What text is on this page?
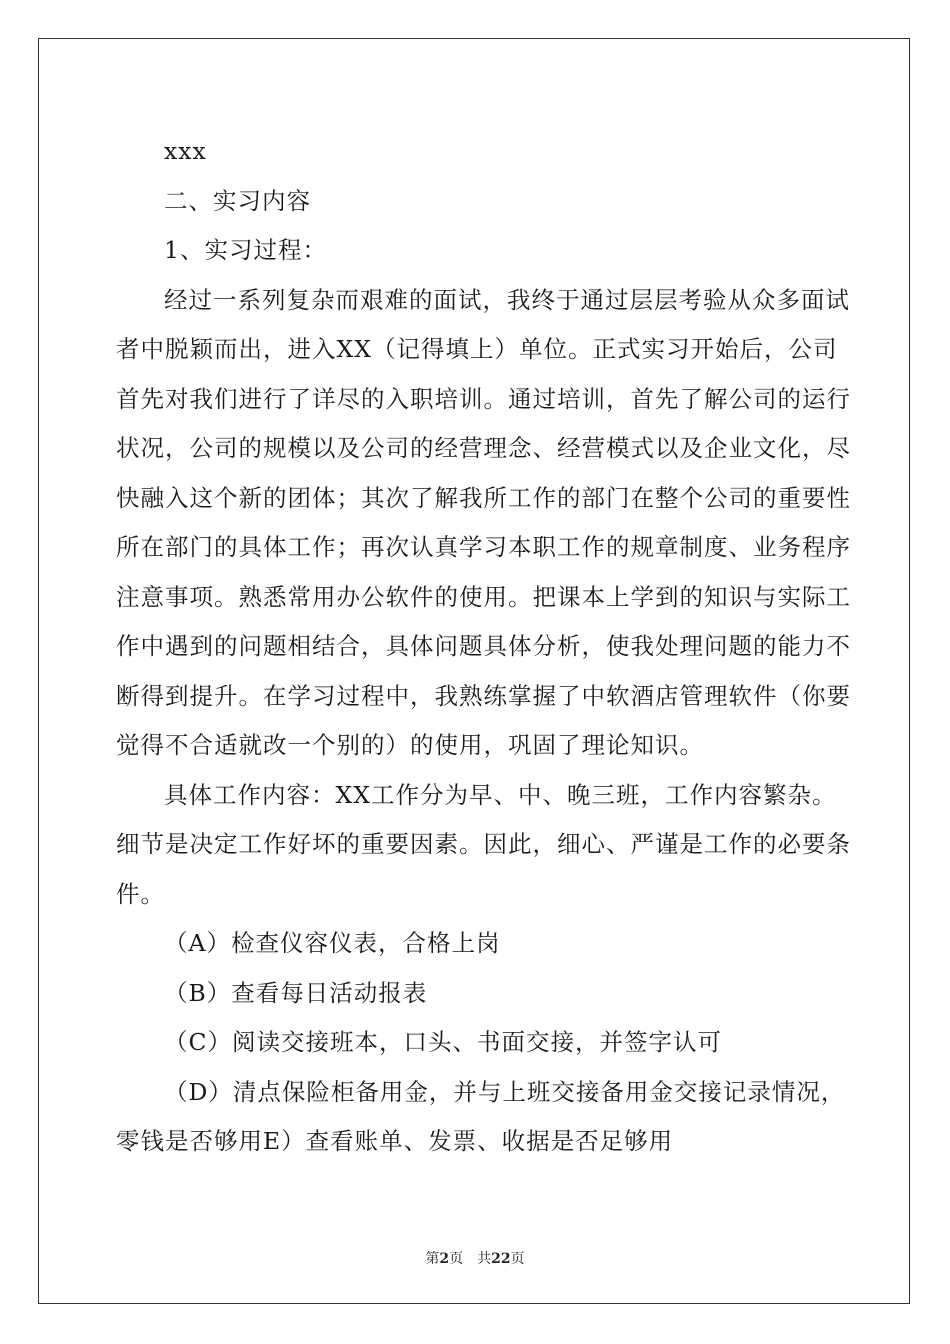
xxx

二、实习内容

1、实习过程：

经过一系列复杂而艰难的面试，我终于通过层层考验从众多面试
者中脱颖而出，进入XX（记得填上）单位。正式实习开始后，公司
首先对我们进行了详尽的入职培训。通过培训，首先了解公司的运行
状况，公司的规模以及公司的经营理念、经营模式以及企业文化，尽
快融入这个新的团体；其次了解我所工作的部门在整个公司的重要性
所在部门的具体工作；再次认真学习本职工作的规章制度、业务程序
注意事项。熟悉常用办公软件的使用。把课本上学到的知识与实际工
作中遇到的问题相结合，具体问题具体分析，使我处理问题的能力不
断得到提升。在学习过程中，我熟练掌握了中软酒店管理软件（你要
觉得不合适就改一个别的）的使用，巩固了理论知识。

具体工作内容：XX工作分为早、中、晚三班，工作内容繁杂。
细节是决定工作好坏的重要因素。因此，细心、严谨是工作的必要条
件。

（A）检查仪容仪表，合格上岗

（B）查看每日活动报表

（C）阅读交接班本，口头、书面交接，并签字认可

（D）清点保险柜备用金，并与上班交接备用金交接记录情况，
零钱是否够用E）查看账单、发票、收据是否足够用

第2页 共22页
